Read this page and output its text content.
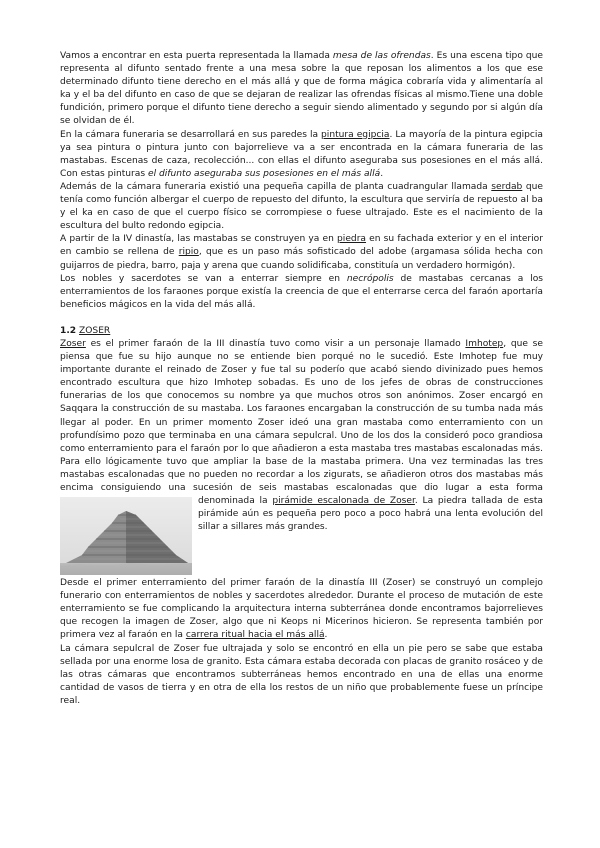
Vamos a encontrar en esta puerta representada la llamada mesa de las ofrendas. Es una escena tipo que representa al difunto sentado frente a una mesa sobre la que reposan los alimentos a los que ese determinado difunto tiene derecho en el más allá y que de forma mágica cobraría vida y alimentaría al ka y el ba del difunto en caso de que se dejaran de realizar las ofrendas físicas al mismo.Tiene una doble fundición, primero porque el difunto tiene derecho a seguir siendo alimentado y segundo por si algún día se olvidan de él.

En la cámara funeraria se desarrollará en sus paredes la pintura egipcia. La mayoría de la pintura egipcia ya sea pintura o pintura junto con bajorrelieve va a ser encontrada en la cámara funeraria de las mastabas. Escenas de caza, recolección... con ellas el difunto aseguraba sus posesiones en el más allá. Con estas pinturas el difunto aseguraba sus posesiones en el más allá.

Además de la cámara funeraria existió una pequeña capilla de planta cuadrangular llamada serdab que tenía como función albergar el cuerpo de repuesto del difunto, la escultura que serviría de repuesto al ba y el ka en caso de que el cuerpo físico se corrompiese o fuese ultrajado. Este es el nacimiento de la escultura del bulto redondo egipcia.

A partir de la IV dinastía, las mastabas se construyen ya en piedra en su fachada exterior y en el interior en cambio se rellena de ripio, que es un paso más sofisticado del adobe (argamasa sólida hecha con guijarros de piedra, barro, paja y arena que cuando solidificaba, constituía un verdadero hormigón).

Los nobles y sacerdotes se van a enterrar siempre en necrópolis de mastabas cercanas a los enterramientos de los faraones porque existía la creencia de que el enterrarse cerca del faraón aportaría beneficios mágicos en la vida del más allá.

1.2 ZOSER

Zoser es el primer faraón de la III dinastía tuvo como visir a un personaje llamado Imhotep, que se piensa que fue su hijo aunque no se entiende bien porqué no le sucedió. Este Imhotep fue muy importante durante el reinado de Zoser y fue tal su poderío que acabó siendo divinizado pues hemos encontrado escultura que hizo Imhotep sobadas. Es uno de los jefes de obras de construcciones funerarias de los que conocemos su nombre ya que muchos otros son anónimos. Zoser encargó en Saqqara la construcción de su mastaba. Los faraones encargaban la construcción de su tumba nada más llegar al poder. En un primer momento Zoser ideó una gran mastaba como enterramiento con un profundísimo pozo que terminaba en una cámara sepulcral. Uno de los dos la consideró poco grandiosa como enterramiento para el faraón por lo que añadieron a esta mastaba tres mastabas escalonadas más. Para ello lógicamente tuvo que ampliar la base de la mastaba primera. Una vez terminadas las tres mastabas escalonadas que no pueden no recordar a los zigurats, se añadieron otros dos mastabas más encima consiguiendo una sucesión de seis mastabas escalonadas que dio lugar a esta forma denominada la
pirámide escalonada de Zoser. La piedra tallada de esta pirámide aún es pequeña pero poco a poco habrá una lenta evolución del sillar a sillares más grandes.

Desde el primer enterramiento del primer faraón de la dinastía III (Zoser) se construyó un complejo funerario con enterramientos de nobles y sacerdotes alrededor. Durante el proceso de mutación de este enterramiento se fue complicando la arquitectura interna subterránea donde encontramos bajorrelieves que recogen la imagen de Zoser, algo que ni Keops ni Micerinos hicieron. Se representa también por primera vez al faraón en la carrera ritual hacia el más allá.

La cámara sepulcral de Zoser fue ultrajada y solo se encontró en ella un pie pero se sabe que estaba sellada por una enorme losa de granito. Esta cámara estaba decorada con placas de granito rosáceo y de las otras cámaras que encontramos subterráneas hemos encontrado en una de ellas una enorme cantidad de vasos de tierra y en otra de ella los restos de un niño que probablemente fuese un príncipe real.
